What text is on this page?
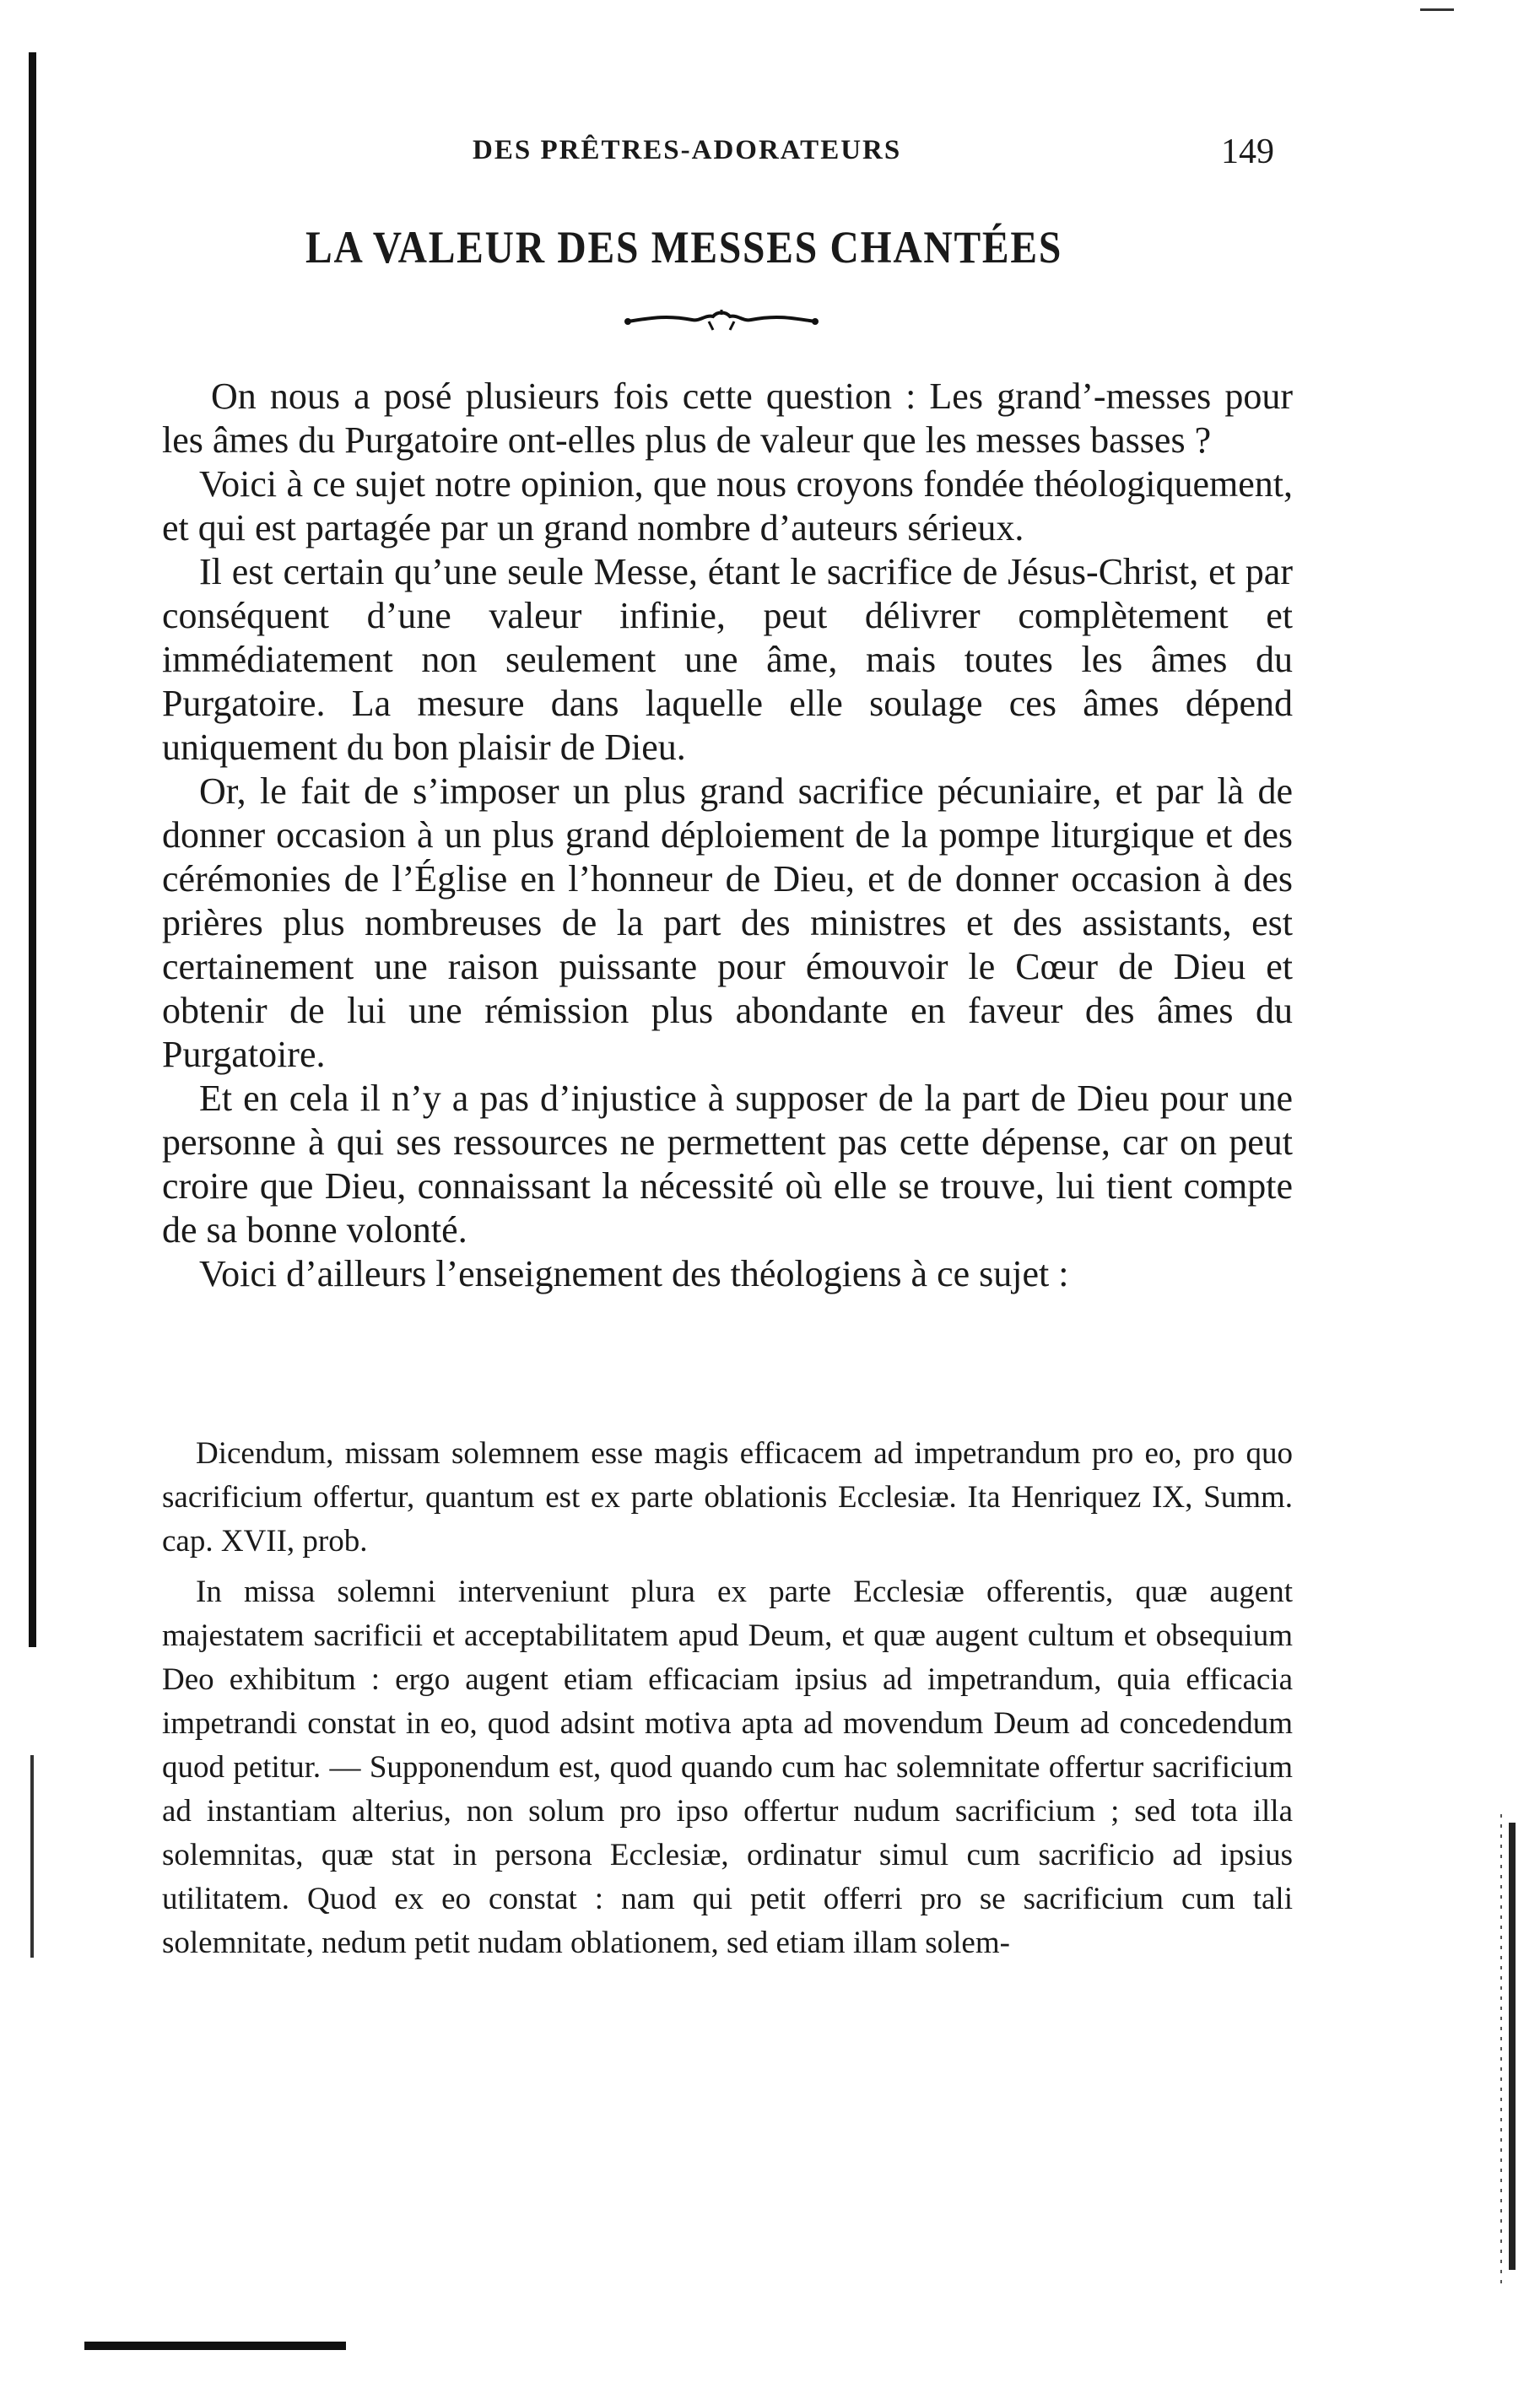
DES PRÊTRES-ADORATEURS	149
LA VALEUR DES MESSES CHANTÉES

On nous a posé plusieurs fois cette question : Les grand’-messes pour les âmes du Purgatoire ont-elles plus de valeur que les messes basses ?

Voici à ce sujet notre opinion, que nous croyons fondée théologiquement, et qui est partagée par un grand nombre d’auteurs sérieux.

Il est certain qu’une seule Messe, étant le sacrifice de Jésus-Christ, et par conséquent d’une valeur infinie, peut délivrer complètement et immédiatement non seulement une âme, mais toutes les âmes du Purgatoire. La mesure dans laquelle elle soulage ces âmes dépend uniquement du bon plaisir de Dieu.

Or, le fait de s’imposer un plus grand sacrifice pécuniaire, et par là de donner occasion à un plus grand déploiement de la pompe liturgique et des cérémonies de l’Église en l’honneur de Dieu, et de donner occasion à des prières plus nombreuses de la part des ministres et des assistants, est certainement une raison puissante pour émouvoir le Cœur de Dieu et obtenir de lui une rémission plus abondante en faveur des âmes du Purgatoire.

Et en cela il n’y a pas d’injustice à supposer de la part de Dieu pour une personne à qui ses ressources ne permettent pas cette dépense, car on peut croire que Dieu, connaissant la nécessité où elle se trouve, lui tient compte de sa bonne volonté.

Voici d’ailleurs l’enseignement des théologiens à ce sujet :

Dicendum, missam solemnem esse magis efficacem ad impetrandum pro eo, pro quo sacrificium offertur, quantum est ex parte oblationis Ecclesiæ. Ita Henriquez IX, Summ. cap. XVII, prob.

In missa solemni interveniunt plura ex parte Ecclesiæ offerentis, quæ augent majestatem sacrificii et acceptabilitatem apud Deum, et quæ augent cultum et obsequium Deo exhibitum : ergo augent etiam efficaciam ipsius ad impetrandum, quia efficacia impetrandi constat in eo, quod adsint motiva apta ad movendum Deum ad concedendum quod petitur. — Supponendum est, quod quando cum hac solemnitate offertur sacrificium ad instantiam alterius, non solum pro ipso offertur nudum sacrificium ; sed tota illa solemnitas, quæ stat in persona Ecclesiæ, ordinatur simul cum sacrificio ad ipsius utilitatem. Quod ex eo constat : nam qui petit offerri pro se sacrificium cum tali solemnitate, nedum petit nudam oblationem, sed etiam illam solem-
